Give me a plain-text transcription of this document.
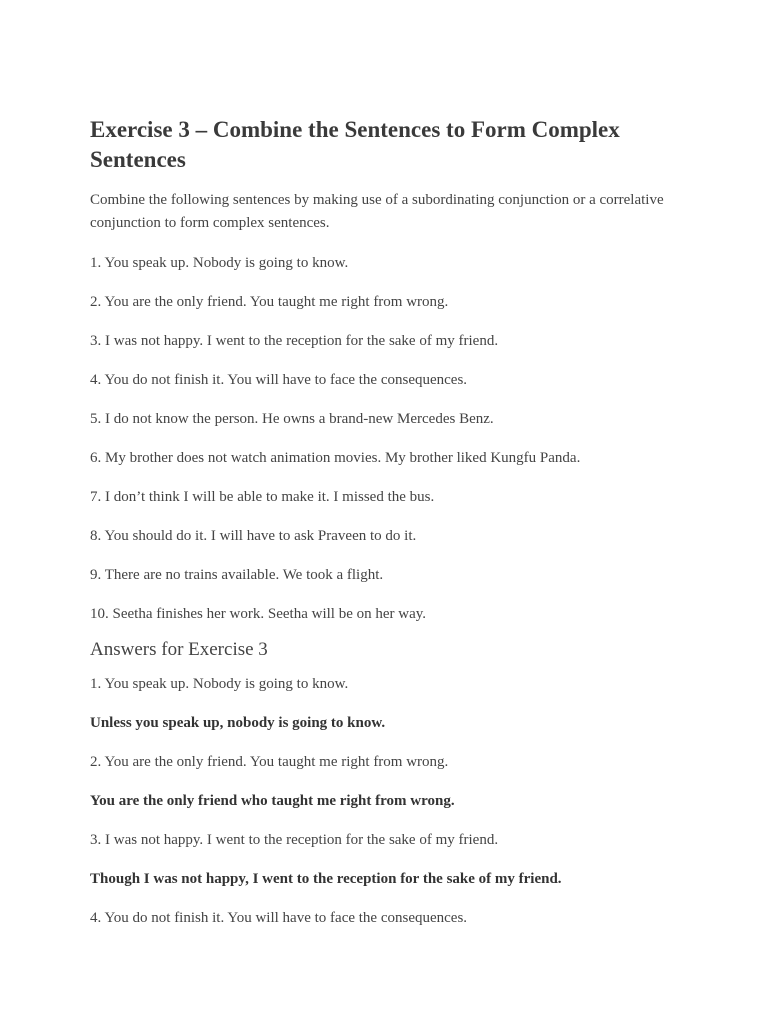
Exercise 3 – Combine the Sentences to Form Complex Sentences

Combine the following sentences by making use of a subordinating conjunction or a correlative conjunction to form complex sentences.

1. You speak up. Nobody is going to know.

2. You are the only friend. You taught me right from wrong.

3. I was not happy. I went to the reception for the sake of my friend.

4. You do not finish it. You will have to face the consequences.

5. I do not know the person. He owns a brand-new Mercedes Benz.

6. My brother does not watch animation movies. My brother liked Kungfu Panda.

7. I don’t think I will be able to make it. I missed the bus.

8. You should do it. I will have to ask Praveen to do it.

9. There are no trains available. We took a flight.

10. Seetha finishes her work. Seetha will be on her way.

Answers for Exercise 3

1. You speak up. Nobody is going to know.

Unless you speak up, nobody is going to know.

2. You are the only friend. You taught me right from wrong.

You are the only friend who taught me right from wrong.

3. I was not happy. I went to the reception for the sake of my friend.

Though I was not happy, I went to the reception for the sake of my friend.

4. You do not finish it. You will have to face the consequences.
